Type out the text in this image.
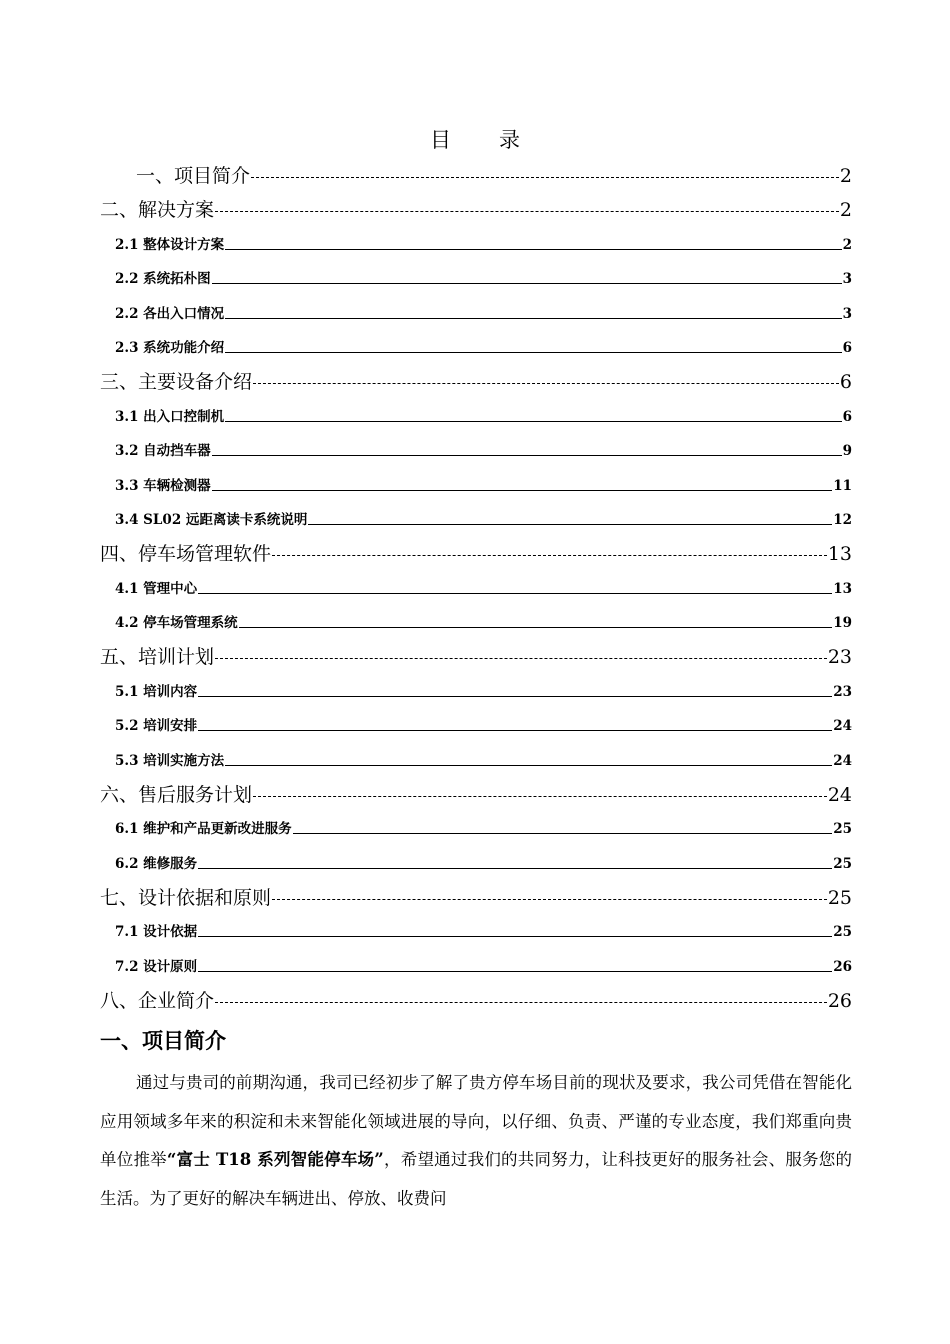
目 录
一、项目简介	2
二、解决方案	2
2.1 整体设计方案	2
2.2 系统拓朴图	3
2.2 各出入口情况	3
2.3 系统功能介绍	6
三、主要设备介绍	6
3.1 出入口控制机	6
3.2 自动挡车器	9
3.3 车辆检测器	11
3.4 SL02 远距离读卡系统说明	12
四、停车场管理软件	13
4.1 管理中心	13
4.2 停车场管理系统	19
五、培训计划	23
5.1 培训内容	23
5.2 培训安排	24
5.3 培训实施方法	24
六、售后服务计划	24
6.1 维护和产品更新改进服务	25
6.2 维修服务	25
七、设计依据和原则	25
7.1 设计依据	25
7.2 设计原则	26
八、企业简介	26
一、项目简介

通过与贵司的前期沟通，我司已经初步了解了贵方停车场目前的现状及要求，我公司凭借在智能化应用领域多年来的积淀和未来智能化领域进展的导向，以仔细、负责、严谨的专业态度，我们郑重向贵单位推举“富士 T18 系列智能停车场”，希望通过我们的共同努力，让科技更好的服务社会、服务您的生活。为了更好的解决车辆进出、停放、收费问
